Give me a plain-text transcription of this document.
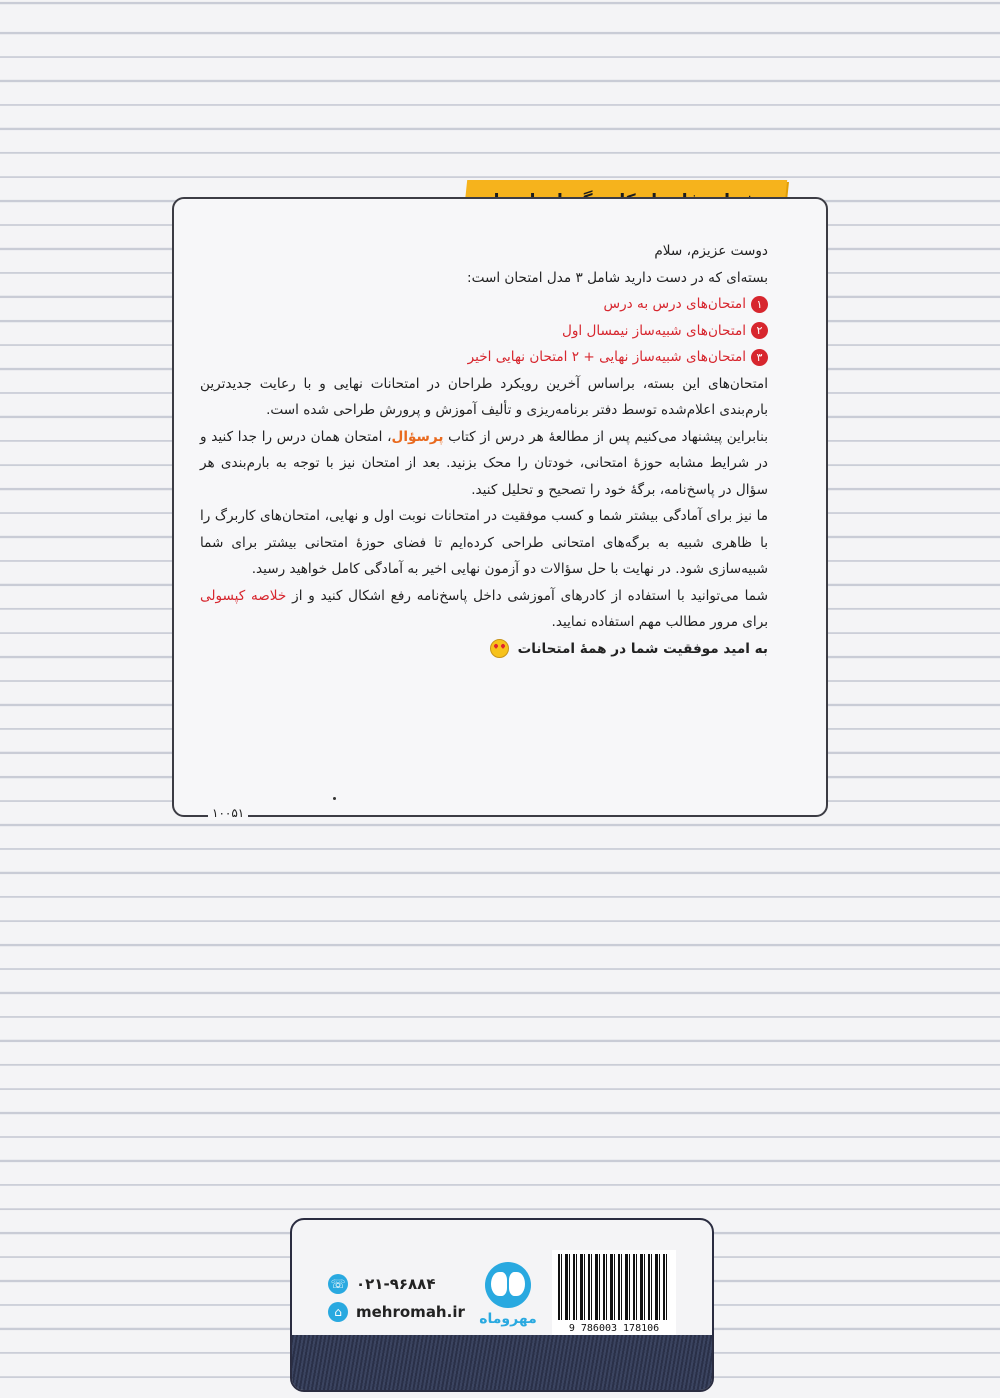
۱۰۰۵۱

دوست عزیزم، سلام

بسته‌ای که در دست دارید شامل ۳ مدل امتحان است:

۱امتحان‌های درس به درس

۲امتحان‌های شبیه‌ساز نیمسال اول

۳امتحان‌های شبیه‌ساز نهایی + ۲ امتحان نهایی اخیر

امتحان‌های این بسته، براساس آخرین رویکرد طراحان در امتحانات نهایی و با رعایت جدیدترین بارم‌بندی اعلام‌شده توسط دفتر برنامه‌ریزی و تألیف آموزش و پرورش طراحی شده است.

بنابراین پیشنهاد می‌کنیم پس از مطالعهٔ هر درس از کتاب پرسؤال، امتحان همان درس را جدا کنید و در شرایط مشابه حوزهٔ امتحانی، خودتان را محک بزنید. بعد از امتحان نیز با توجه به بارم‌بندی هر سؤال در پاسخ‌نامه، برگهٔ خود را تصحیح و تحلیل کنید.

ما نیز برای آمادگی بیشتر شما و کسب موفقیت در امتحانات نوبت اول و نهایی، امتحان‌های کاربرگ را با ظاهری شبیه به برگه‌های امتحانی طراحی کرده‌ایم تا فضای حوزهٔ امتحانی بیشتر برای شما شبیه‌سازی شود. در نهایت با حل سؤالات دو آزمون نهایی اخیر به آمادگی کامل خواهید رسید.

شما می‌توانید با استفاده از کادرهای آموزشی داخل پاسخ‌نامه رفع اشکال کنید و از خلاصه کپسولی برای مرور مطالب مهم استفاده نمایید.

به امید موفقیت شما در همهٔ امتحانات

☏ ۰۲۱-۹۶۸۸۴
⌂ mehromah.ir	مهروماه
9 786003 178106
